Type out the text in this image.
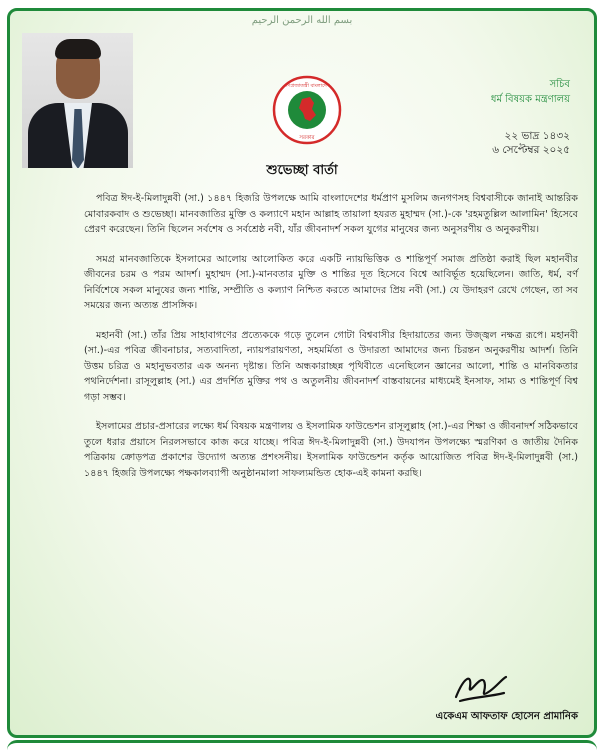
بسم الله الرحمن الرحيم
গণপ্রজাতন্ত্রী বাংলাদেশ
সরকার
সচিব
ধর্ম বিষয়ক মন্ত্রণালয়
২২ ভাদ্র ১৪৩২
৬ সেপ্টেম্বর ২০২৫
শুভেচ্ছা বার্তা

পবিত্র ঈদ-ই-মিলাদুন্নবী (সা.) ১৪৪৭ হিজরি উপলক্ষে আমি বাংলাদেশের ধর্মপ্রাণ মুসলিম জনগণসহ বিশ্ববাসীকে জানাই আন্তরিক মোবারকবাদ ও শুভেচ্ছা। মানবজাতির মুক্তি ও কল্যাণে মহান আল্লাহ তায়ালা হযরত মুহাম্মদ (সা.)-কে 'রহমতুল্লিল আলামিন' হিসেবে প্রেরণ করেছেন। তিনি ছিলেন সর্বশেষ ও সর্বশ্রেষ্ঠ নবী, যাঁর জীবনাদর্শ সকল যুগের মানুষের জন্য অনুসরণীয় ও অনুকরণীয়।

সমগ্র মানবজাতিকে ইসলামের আলোয় আলোকিত করে একটি ন্যায়ভিত্তিক ও শান্তিপূর্ণ সমাজ প্রতিষ্ঠা করাই ছিল মহানবীর জীবনের চরম ও পরম আদর্শ। মুহাম্মদ (সা.)-মানবতার মুক্তি ও শান্তির দূত হিসেবে বিশ্বে আবির্ভূত হয়েছিলেন। জাতি, ধর্ম, বর্ণ নির্বিশেষে সকল মানুষের জন্য শান্তি, সম্প্রীতি ও কল্যাণ নিশ্চিত করতে আমাদের প্রিয় নবী (সা.) যে উদাহরণ রেখে গেছেন, তা সব সময়ের জন্য অত্যন্ত প্রাসঙ্গিক।

মহানবী (সা.) তাঁর প্রিয় সাহাবাগণের প্রত্যেককে গড়ে তুলেন গোটা বিশ্ববাসীর হিদায়াতের জন্য উজ্জ্বল নক্ষত্র রূপে। মহানবী (সা.)-এর পবিত্র জীবনাচার, সত্যবাদিতা, ন্যায়পরায়ণতা, সহমর্মিতা ও উদারতা আমাদের জন্য চিরন্তন অনুকরণীয় আদর্শ। তিনি উত্তম চরিত্র ও মহানুভবতার এক অনন্য দৃষ্টান্ত। তিনি অন্ধকারাচ্ছন্ন পৃথিবীতে এনেছিলেন জ্ঞানের আলো, শান্তি ও মানবিকতার পথনির্দেশনা। রাসূলুল্লাহ (সা.) এর প্রদর্শিত মুক্তির পথ ও অতুলনীয় জীবনাদর্শ বাস্তবায়নের মাধ্যমেই ইনসাফ, সাম্য ও শান্তিপূর্ণ বিশ্ব গড়া সম্ভব।

ইসলামের প্রচার-প্রসারের লক্ষ্যে ধর্ম বিষয়ক মন্ত্রণালয় ও ইসলামিক ফাউন্ডেশন রাসূলুল্লাহ (সা.)-এর শিক্ষা ও জীবনাদর্শ সঠিকভাবে তুলে ধরার প্রয়াসে নিরলসভাবে কাজ করে যাচ্ছে। পবিত্র ঈদ-ই-মিলাদুন্নবী (সা.) উদযাপন উপলক্ষ্যে স্মরণিকা ও জাতীয় দৈনিক পত্রিকায় ক্রোড়পত্র প্রকাশের উদ্যোগ অত্যন্ত প্রশংসনীয়। ইসলামিক ফাউন্ডেশন কর্তৃক আয়োজিত পবিত্র ঈদ-ই-মিলাদুন্নবী (সা.) ১৪৪৭ হিজরি উপলক্ষ্যে পক্ষকালব্যাপী অনুষ্ঠানমালা সাফল্যমন্ডিত হোক-এই কামনা করছি।

একেএম আফতাফ হোসেন প্রামানিক
